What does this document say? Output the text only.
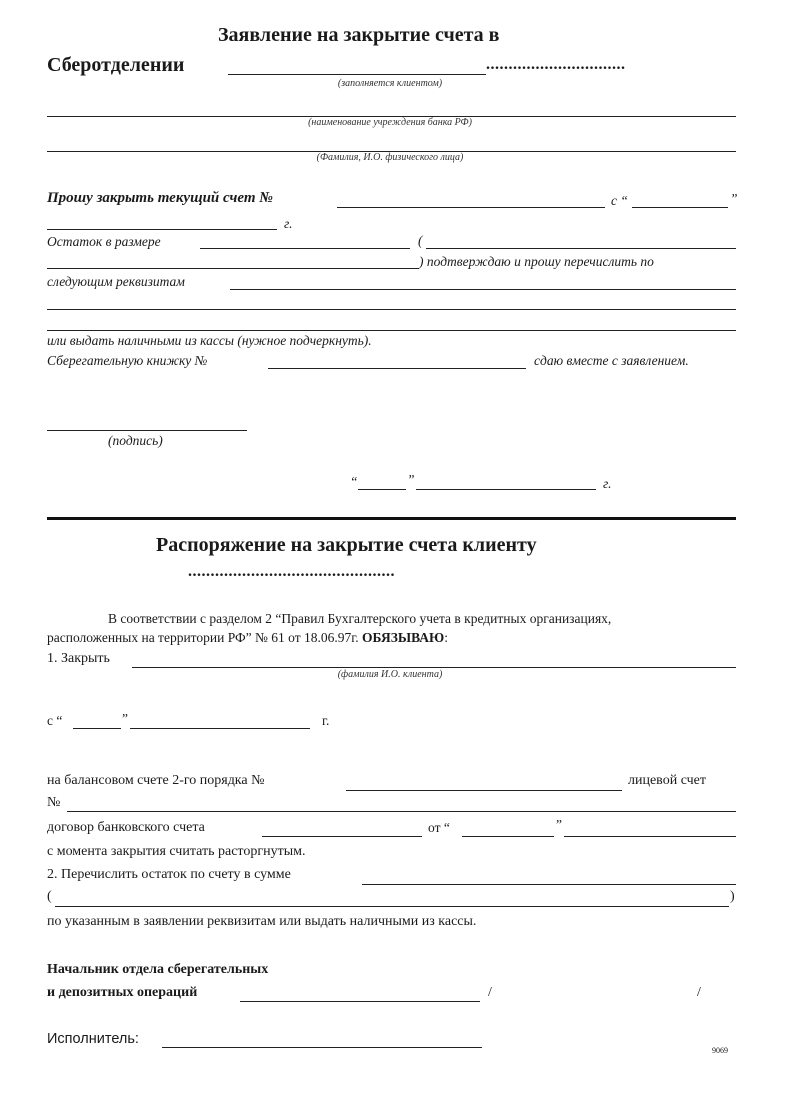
Заявление на закрытие счета в
Сберотделении	...............................
(заполняется клиентом)
(наименование учреждения банка РФ)
(Фамилия, И.О. физического лица)
Прошу закрыть текущий счет №	с “	”
г.
Остаток в размере	(
) подтверждаю и прошу перечислить по
следующим реквизитам
или выдать наличными из кассы (нужное подчеркнуть).
Сберегательную книжку №	сдаю вместе с заявлением.
(подпись)
“	”	г.
Распоряжение на закрытие счета клиенту
..............................................
В соответствии с разделом 2 “Правил Бухгалтерского учета в кредитных организациях,
расположенных на территории РФ” № 61 от 18.06.97г. ОБЯЗЫВАЮ:
1. Закрыть
(фамилия И.О. клиента)
с “	”	г.
на балансовом счете 2-го порядка №	лицевой счет
№
договор банковского счета	от “	”
с момента закрытия считать расторгнутым.
2. Перечислить остаток по счету в сумме
(	)
по указанным в заявлении реквизитам или выдать наличными из кассы.
Начальник отдела сберегательных
и депозитных операций	/	/
Исполнитель:
9069
